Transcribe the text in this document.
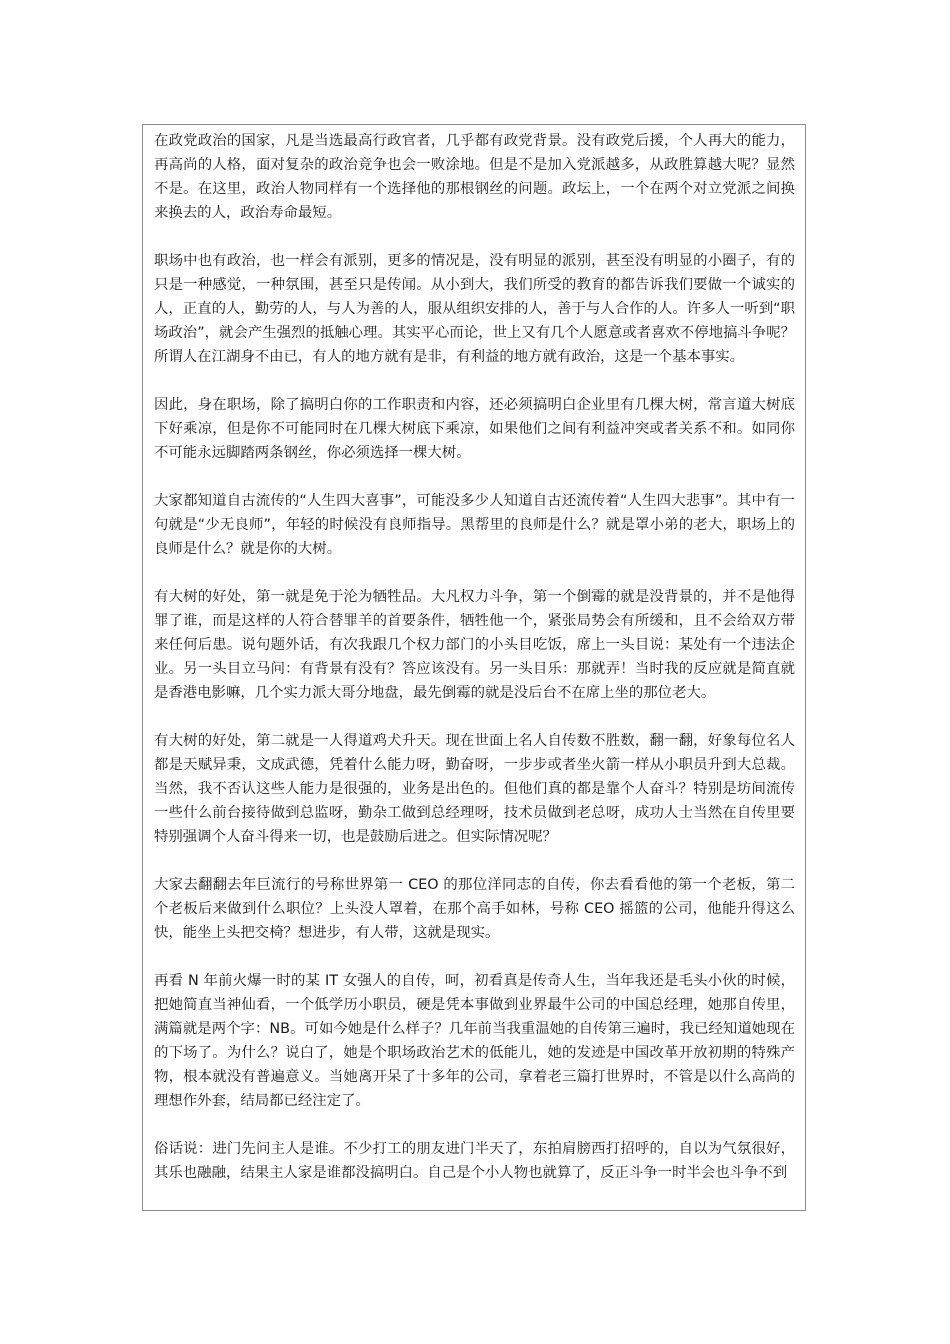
在政党政治的国家，凡是当选最高行政官者，几乎都有政党背景。没有政党后援，个人再大的能力，再高尚的人格，面对复杂的政治竞争也会一败涂地。但是不是加入党派越多，从政胜算越大呢？显然不是。在这里，政治人物同样有一个选择他的那根钢丝的问题。政坛上，一个在两个对立党派之间换来换去的人，政治寿命最短。

职场中也有政治，也一样会有派别，更多的情况是，没有明显的派别，甚至没有明显的小圈子，有的只是一种感觉，一种氛围，甚至只是传闻。从小到大，我们所受的教育的都告诉我们要做一个诚实的人，正直的人，勤劳的人，与人为善的人，服从组织安排的人，善于与人合作的人。许多人一听到“职场政治”，就会产生强烈的抵触心理。其实平心而论，世上又有几个人愿意或者喜欢不停地搞斗争呢？所谓人在江湖身不由已，有人的地方就有是非，有利益的地方就有政治，这是一个基本事实。

因此，身在职场，除了搞明白你的工作职责和内容，还必须搞明白企业里有几棵大树，常言道大树底下好乘凉，但是你不可能同时在几棵大树底下乘凉，如果他们之间有利益冲突或者关系不和。如同你不可能永远脚踏两条钢丝，你必须选择一棵大树。

大家都知道自古流传的“人生四大喜事”，可能没多少人知道自古还流传着“人生四大悲事”。其中有一句就是“少无良师”，年轻的时候没有良师指导。黑帮里的良师是什么？就是罩小弟的老大，职场上的良师是什么？就是你的大树。

有大树的好处，第一就是免于沦为牺牲品。大凡权力斗争，第一个倒霉的就是没背景的，并不是他得罪了谁，而是这样的人符合替罪羊的首要条件，牺牲他一个，紧张局势会有所缓和，且不会给双方带来任何后患。说句题外话，有次我跟几个权力部门的小头目吃饭，席上一头目说：某处有一个违法企业。另一头目立马问：有背景有没有？答应该没有。另一头目乐：那就弄！当时我的反应就是简直就是香港电影嘛，几个实力派大哥分地盘，最先倒霉的就是没后台不在席上坐的那位老大。

有大树的好处，第二就是一人得道鸡犬升天。现在世面上名人自传数不胜数，翻一翻，好象每位名人都是天赋异秉，文成武德，凭着什么能力呀，勤奋呀，一步步或者坐火箭一样从小职员升到大总裁。当然，我不否认这些人能力是很强的，业务是出色的。但他们真的都是靠个人奋斗？特别是坊间流传一些什么前台接待做到总监呀，勤杂工做到总经理呀，技术员做到老总呀，成功人士当然在自传里要特别强调个人奋斗得来一切，也是鼓励后进之。但实际情况呢？

大家去翻翻去年巨流行的号称世界第一 CEO 的那位洋同志的自传，你去看看他的第一个老板，第二个老板后来做到什么职位？上头没人罩着，在那个高手如林，号称 CEO 摇篮的公司，他能升得这么快，能坐上头把交椅？想进步，有人带，这就是现实。

再看 N 年前火爆一时的某 IT 女强人的自传，呵，初看真是传奇人生，当年我还是毛头小伙的时候，把她简直当神仙看，一个低学历小职员，硬是凭本事做到业界最牛公司的中国总经理，她那自传里，满篇就是两个字：NB。可如今她是什么样子？几年前当我重温她的自传第三遍时，我已经知道她现在的下场了。为什么？说白了，她是个职场政治艺术的低能儿，她的发迹是中国改革开放初期的特殊产物，根本就没有普遍意义。当她离开呆了十多年的公司，拿着老三篇打世界时，不管是以什么高尚的理想作外套，结局都已经注定了。

俗话说：进门先问主人是谁。不少打工的朋友进门半天了，东拍肩膀西打招呼的，自以为气氛很好，其乐也融融，结果主人家是谁都没搞明白。自己是个小人物也就算了，反正斗争一时半会也斗争不到
